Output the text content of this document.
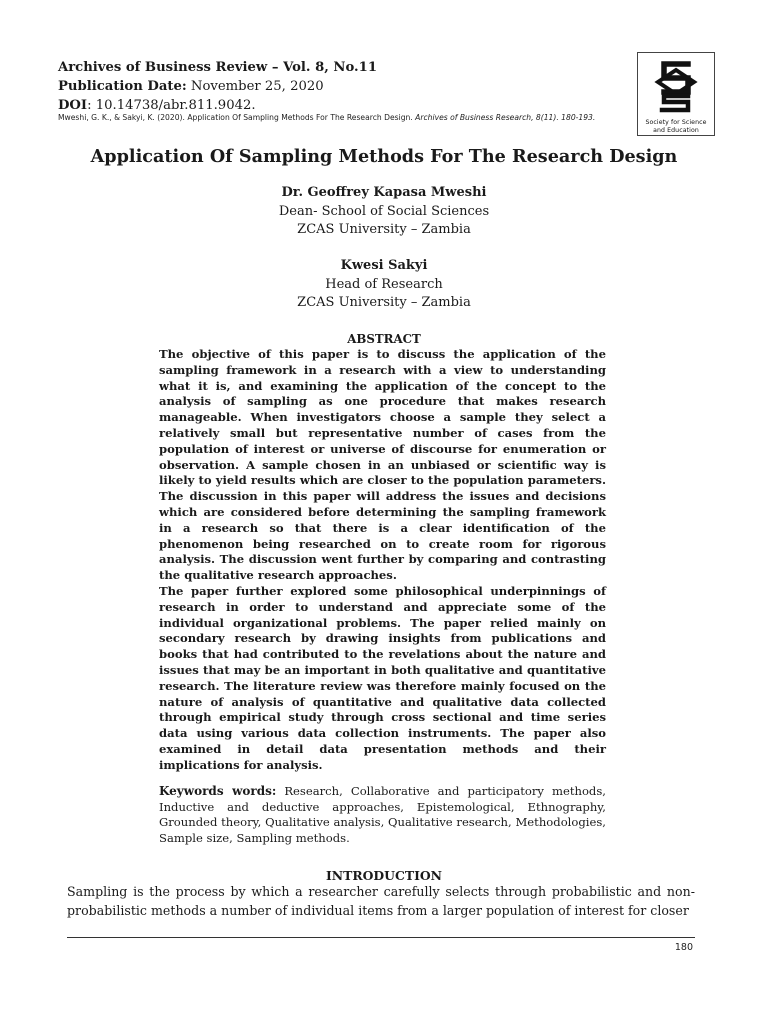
Archives of Business Review – Vol. 8, No.11
Publication Date: November 25, 2020
DOI: 10.14738/abr.811.9042.
Mweshi, G. K., & Sakyi, K. (2020). Application Of Sampling Methods For The Research Design. Archives of Business Research, 8(11). 180-193.
Society for Science
and Education
Application Of Sampling Methods For The Research Design
Dr. Geoffrey Kapasa Mweshi
Dean- School of Social Sciences
ZCAS University – Zambia
Kwesi Sakyi
Head of Research
ZCAS University – Zambia
ABSTRACT

The objective of this paper is to discuss the application of the sampling framework in a research with a view to understanding what it is, and examining the application of the concept to the analysis of sampling as one procedure that makes research manageable. When investigators choose a sample they select a relatively small but representative number of cases from the population of interest or universe of discourse for enumeration or observation. A sample chosen in an unbiased or scientific way is likely to yield results which are closer to the population parameters. The discussion in this paper will address the issues and decisions which are considered before determining the sampling framework in a research so that there is a clear identification of the phenomenon being researched on to create room for rigorous analysis. The discussion went further by comparing and contrasting the qualitative research approaches.

The paper further explored some philosophical underpinnings of research in order to understand and appreciate some of the individual organizational problems. The paper relied mainly on secondary research by drawing insights from publications and books that had contributed to the revelations about the nature and issues that may be an important in both qualitative and quantitative research. The literature review was therefore mainly focused on the nature of analysis of quantitative and qualitative data collected through empirical study through cross sectional and time series data using various data collection instruments. The paper also examined in detail data presentation methods and their implications for analysis.

Keywords words: Research, Collaborative and participatory methods, Inductive and deductive approaches, Epistemological, Ethnography, Grounded theory, Qualitative analysis, Qualitative research, Methodologies, Sample size, Sampling methods.
INTRODUCTION
Sampling is the process by which a researcher carefully selects through probabilistic and non-probabilistic methods a number of individual items from a larger population of interest for closer
180
